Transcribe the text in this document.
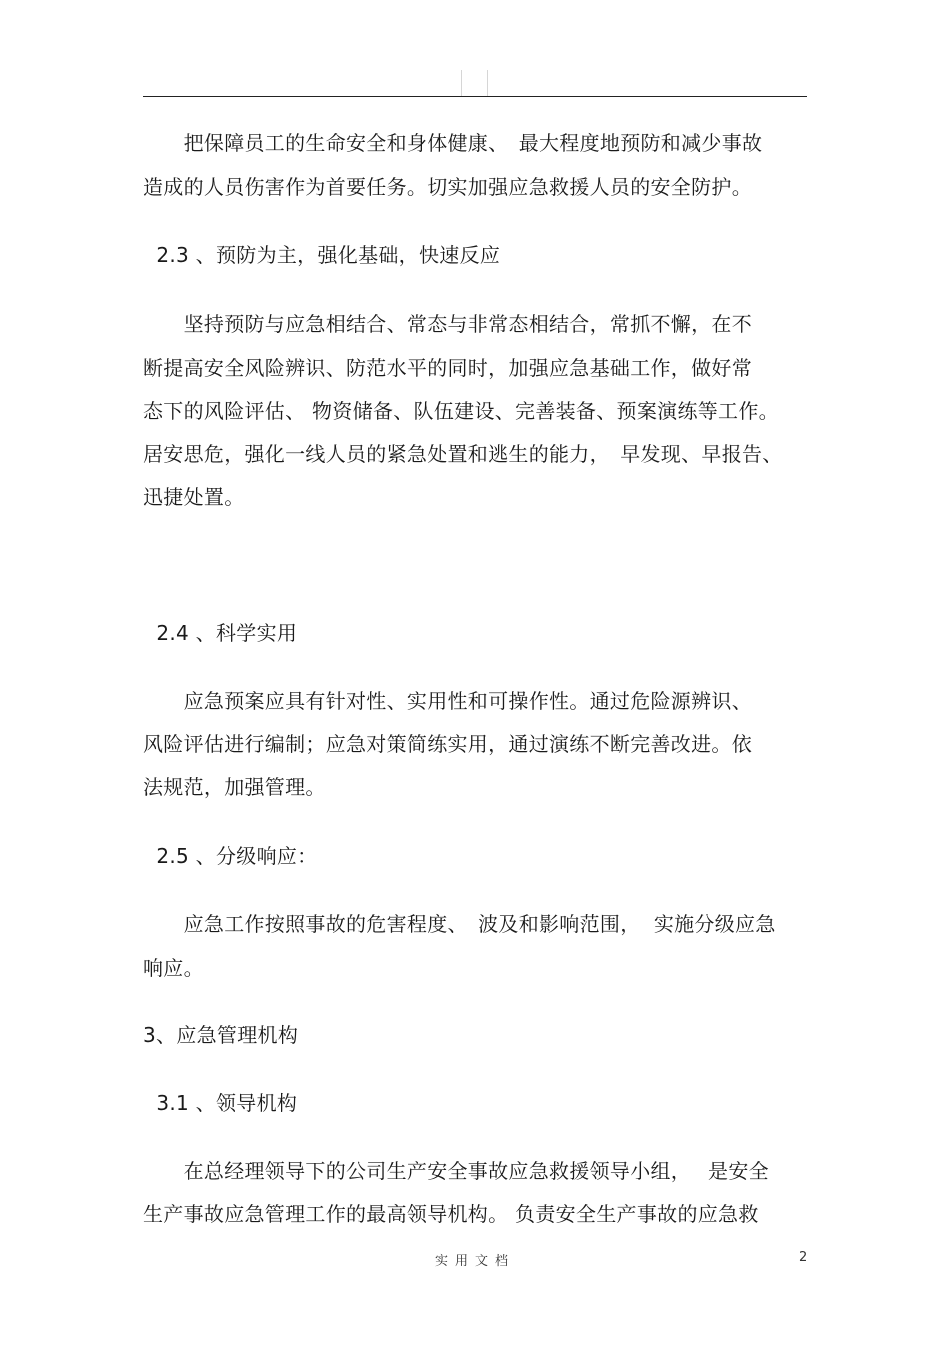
　　把保障员工的生命安全和身体健康、　最大程度地预防和减少事故
造成的人员伤害作为首要任务。切实加强应急救援人员的安全防护。
2.3 、预防为主，强化基础，快速反应
　　坚持预防与应急相结合、常态与非常态相结合，常抓不懈，在不
断提高安全风险辨识、防范水平的同时，加强应急基础工作，做好常
态下的风险评估、 物资储备、队伍建设、完善装备、预案演练等工作。
居安思危，强化一线人员的紧急处置和逃生的能力，　早发现、早报告、
迅捷处置。
2.4 、科学实用
　　应急预案应具有针对性、实用性和可操作性。通过危险源辨识、
风险评估进行编制；应急对策简练实用，通过演练不断完善改进。依
法规范，加强管理。
2.5 、分级响应：
　　应急工作按照事故的危害程度、　波及和影响范围，  实施分级应急
响应。
3、应急管理机构
3.1 、领导机构
　　在总经理领导下的公司生产安全事故应急救援领导小组，　 是安全
生产事故应急管理工作的最高领导机构。 负责安全生产事故的应急救
实用文档	2
